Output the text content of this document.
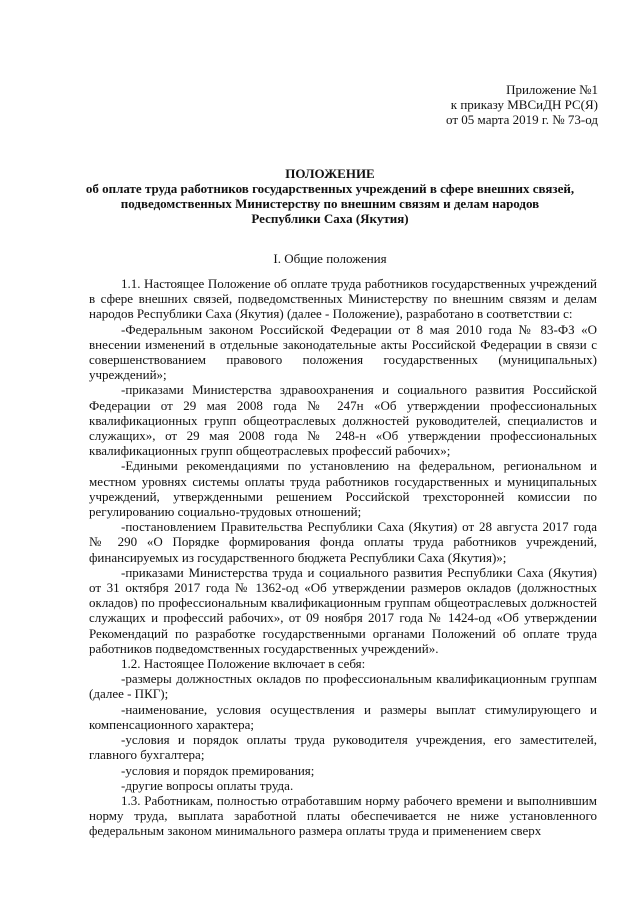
Приложение №1
к приказу МВСиДН РС(Я)
от 05 марта 2019 г. № 73-од
ПОЛОЖЕНИЕ
об оплате труда работников государственных учреждений в сфере внешних связей,
подведомственных Министерству по внешним связям и делам народов
Республики Саха (Якутия)
I. Общие положения

1.1. Настоящее Положение об оплате труда работников государственных учреждений в сфере внешних связей, подведомственных Министерству по внешним связям и делам народов Республики Саха (Якутия) (далее - Положение), разработано в соответствии с:

-Федеральным законом Российской Федерации от 8 мая 2010 года № 83-ФЗ «О внесении изменений в отдельные законодательные акты Российской Федерации в связи с совершенствованием правового положения государственных (муниципальных) учреждений»;

-приказами Министерства здравоохранения и социального развития Российской Федерации от 29 мая 2008 года № 247н «Об утверждении профессиональных квалификационных групп общеотраслевых должностей руководителей, специалистов и служащих», от 29 мая 2008 года № 248-н «Об утверждении профессиональных квалификационных групп общеотраслевых профессий рабочих»;

-Едиными рекомендациями по установлению на федеральном, региональном и местном уровнях системы оплаты труда работников государственных и муниципальных учреждений, утвержденными решением Российской трехсторонней комиссии по регулированию социально-трудовых отношений;

-постановлением Правительства Республики Саха (Якутия) от 28 августа 2017 года № 290 «О Порядке формирования фонда оплаты труда работников учреждений, финансируемых из государственного бюджета Республики Саха (Якутия)»;

-приказами Министерства труда и социального развития Республики Саха (Якутия) от 31 октября 2017 года № 1362-од «Об утверждении размеров окладов (должностных окладов) по профессиональным квалификационным группам общеотраслевых должностей служащих и профессий рабочих», от 09 ноября 2017 года № 1424-од «Об утверждении Рекомендаций по разработке государственными органами Положений об оплате труда работников подведомственных государственных учреждений».

1.2. Настоящее Положение включает в себя:

-размеры должностных окладов по профессиональным квалификационным группам (далее - ПКГ);

-наименование, условия осуществления и размеры выплат стимулирующего и компенсационного характера;

-условия и порядок оплаты труда руководителя учреждения, его заместителей, главного бухгалтера;

-условия и порядок премирования;

-другие вопросы оплаты труда.

1.3. Работникам, полностью отработавшим норму рабочего времени и выполнившим норму труда, выплата заработной платы обеспечивается не ниже установленного федеральным законом минимального размера оплаты труда и применением сверх
